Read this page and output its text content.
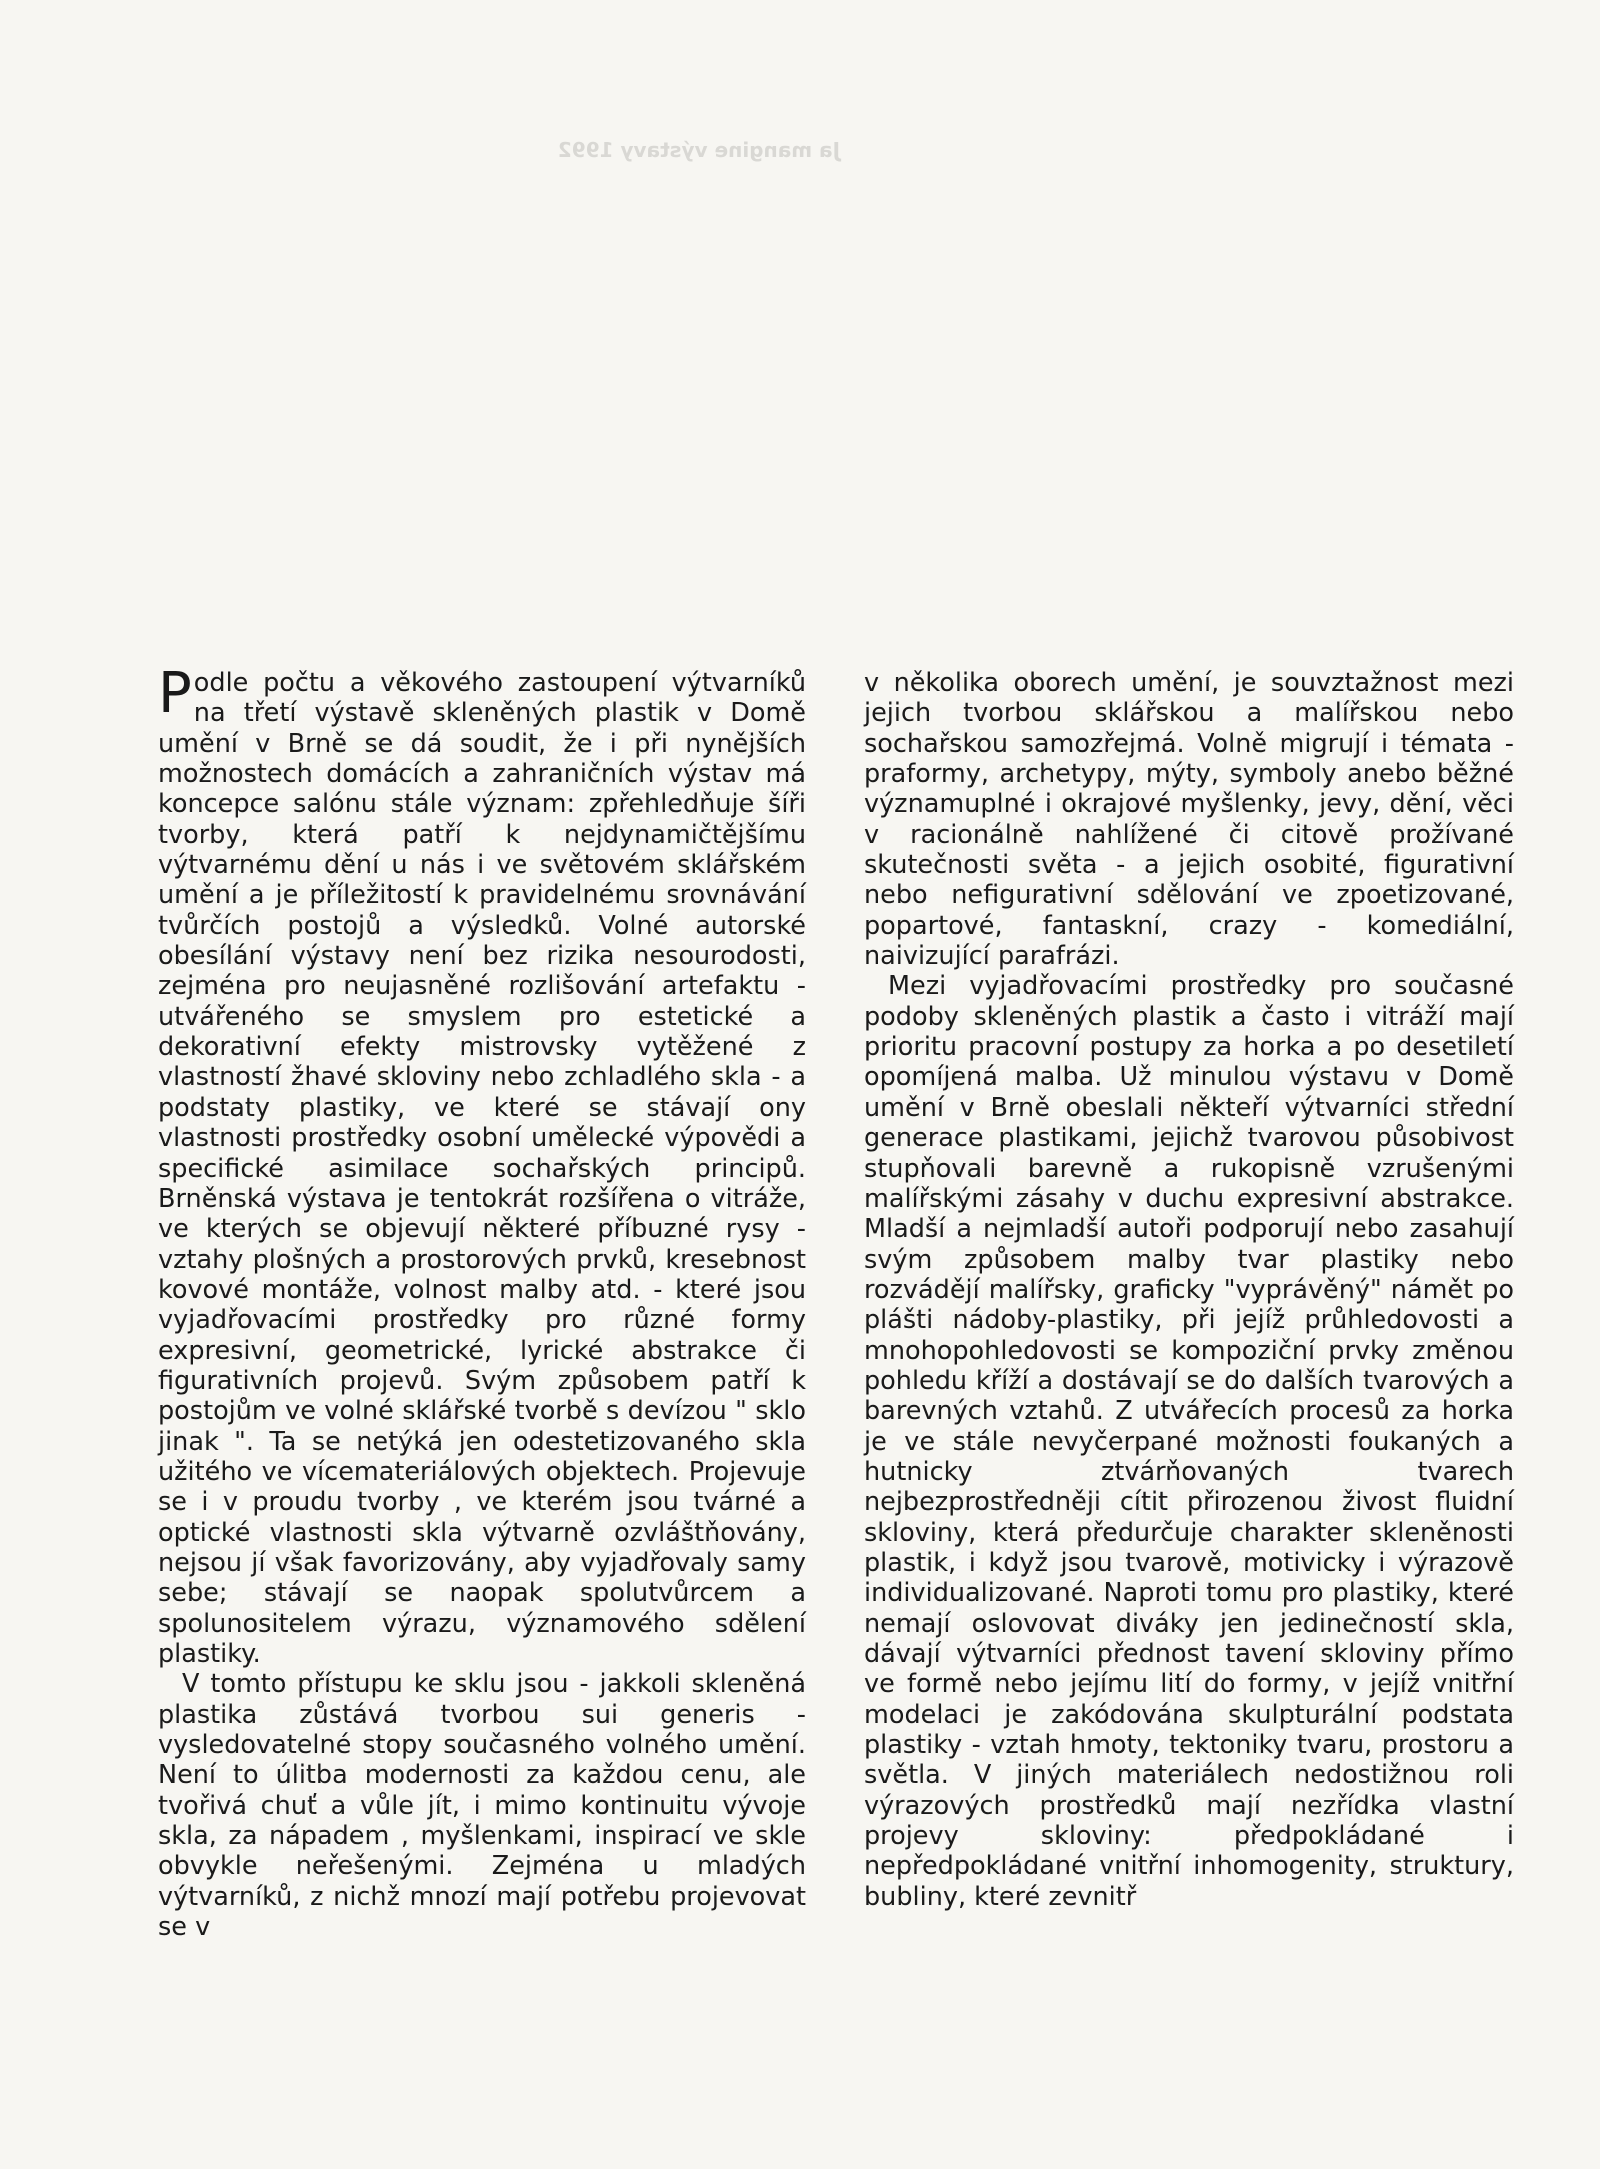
Ja mangine výstavy 1992

Podle počtu a věkového zastoupení výtvarníků na třetí výstavě skleněných plastik v Domě umění v Brně se dá soudit, že i při nynějších možnostech domácích a zahraničních výstav má koncepce salónu stále význam: zpřehledňuje šíři tvorby, která patří k nejdynamičtějšímu výtvarnému dění u nás i ve světovém sklářském umění a je příležitostí k pravidelnému srovnávání tvůrčích postojů a výsledků. Volné autorské obesílání výstavy není bez rizika nesourodosti, zejména pro neujasněné rozlišování artefaktu - utvářeného se smyslem pro estetické a dekorativní efekty mistrovsky vytěžené z vlastností žhavé skloviny nebo zchladlého skla - a podstaty plastiky, ve které se stávají ony vlastnosti prostředky osobní umělecké výpovědi a specifické asimilace sochařských principů. Brněnská výstava je tentokrát rozšířena o vitráže, ve kterých se objevují některé příbuzné rysy - vztahy plošných a prostorových prvků, kresebnost kovové montáže, volnost malby atd. - které jsou vyjadřovacími prostředky pro různé formy expresivní, geometrické, lyrické abstrakce či figurativních projevů. Svým způsobem patří k postojům ve volné sklářské tvorbě s devízou " sklo jinak ". Ta se netýká jen odestetizovaného skla užitého ve vícemateriálových objektech. Projevuje se i v proudu tvorby , ve kterém jsou tvárné a optické vlastnosti skla výtvarně ozvláštňovány, nejsou jí však favorizovány, aby vyjadřovaly samy sebe; stávají se naopak spolutvůrcem a spolunositelem výrazu, významového sdělení plastiky.

V tomto přístupu ke sklu jsou - jakkoli skleněná plastika zůstává tvorbou sui generis - vysledovatelné stopy současného volného umění. Není to úlitba modernosti za každou cenu, ale tvořivá chuť a vůle jít, i mimo kontinuitu vývoje skla, za nápadem , myšlenkami, inspirací ve skle obvykle neřešenými. Zejména u mladých výtvarníků, z nichž mnozí mají potřebu projevovat se v

v několika oborech umění, je souvztažnost mezi jejich tvorbou sklářskou a malířskou nebo sochařskou samozřejmá. Volně migrují i témata - praformy, archetypy, mýty, symboly anebo běžné významuplné i okrajové myšlenky, jevy, dění, věci v racionálně nahlížené či citově prožívané skutečnosti světa - a jejich osobité, figurativní nebo nefigurativní sdělování ve zpoetizované, popartové, fantaskní, crazy - komediální, naivizující parafrázi.

Mezi vyjadřovacími prostředky pro současné podoby skleněných plastik a často i vitráží mají prioritu pracovní postupy za horka a po desetiletí opomíjená malba. Už minulou výstavu v Domě umění v Brně obeslali někteří výtvarníci střední generace plastikami, jejichž tvarovou působivost stupňovali barevně a rukopisně vzrušenými malířskými zásahy v duchu expresivní abstrakce. Mladší a nejmladší autoři podporují nebo zasahují svým způsobem malby tvar plastiky nebo rozvádějí malířsky, graficky "vyprávěný" námět po plášti nádoby-plastiky, při jejíž průhledovosti a mnohopohledovosti se kompoziční prvky změnou pohledu kříží a dostávají se do dalších tvarových a barevných vztahů. Z utvářecích procesů za horka je ve stále nevyčerpané možnosti foukaných a hutnicky ztvárňovaných tvarech nejbezprostředněji cítit přirozenou živost fluidní skloviny, která předurčuje charakter skleněnosti plastik, i když jsou tvarově, motivicky i výrazově individualizované. Naproti tomu pro plastiky, které nemají oslovovat diváky jen jedinečností skla, dávají výtvarníci přednost tavení skloviny přímo ve formě nebo jejímu lití do formy, v jejíž vnitřní modelaci je zakódována skulpturální podstata plastiky - vztah hmoty, tektoniky tvaru, prostoru a světla. V jiných materiálech nedostižnou roli výrazových prostředků mají nezřídka vlastní projevy skloviny: předpokládané i nepředpokládané vnitřní inhomogenity, struktury, bubliny, které zevnitř
